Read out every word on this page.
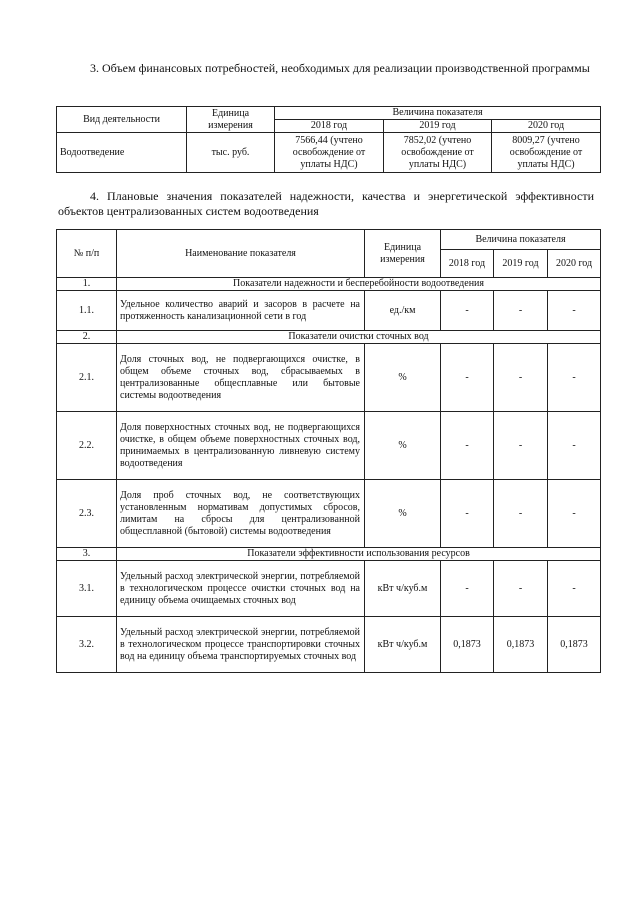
3. Объем финансовых потребностей, необходимых для реализации производственной программы
Вид деятельности	Единица измерения	Величина показателя		
		2018 год	2019 год	2020 год
Водоотведение	тыс. руб.	7566,44 (учтено освобождение от уплаты НДС)	7852,02 (учтено освобождение от уплаты НДС)	8009,27 (учтено освобождение от уплаты НДС)
4. Плановые значения показателей надежности, качества и энергетической эффективности объектов централизованных систем водоотведения
№ п/п	Наименование показателя	Единица измерения	Величина показателя		
			2018 год	2019 год	2020 год
1.	Показатели надежности и бесперебойности водоотведения				
1.1.	Удельное количество аварий и засоров в расчете на протяженность канализационной сети в год	ед./км	-	-	-
2.	Показатели очистки сточных вод				
2.1.	Доля сточных вод, не подвергающихся очистке, в общем объеме сточных вод, сбрасываемых в централизованные общесплавные или бытовые системы водоотведения	%	-	-	-
2.2.	Доля поверхностных сточных вод, не подвергающихся очистке, в общем объеме поверхностных сточных вод, принимаемых в централизованную ливневую систему водоотведения	%	-	-	-
2.3.	Доля проб сточных вод, не соответствующих установленным нормативам допустимых сбросов, лимитам на сбросы для централизованной общесплавной (бытовой) системы водоотведения	%	-	-	-
3.	Показатели эффективности использования ресурсов				
3.1.	Удельный расход электрической энергии, потребляемой в технологическом процессе очистки сточных вод на единицу объема очищаемых сточных вод	кВт ч/куб.м	-	-	-
3.2.	Удельный расход электрической энергии, потребляемой в технологическом процессе транспортировки сточных вод на единицу объема транспортируемых сточных вод	кВт ч/куб.м	0,1873	0,1873	0,1873
